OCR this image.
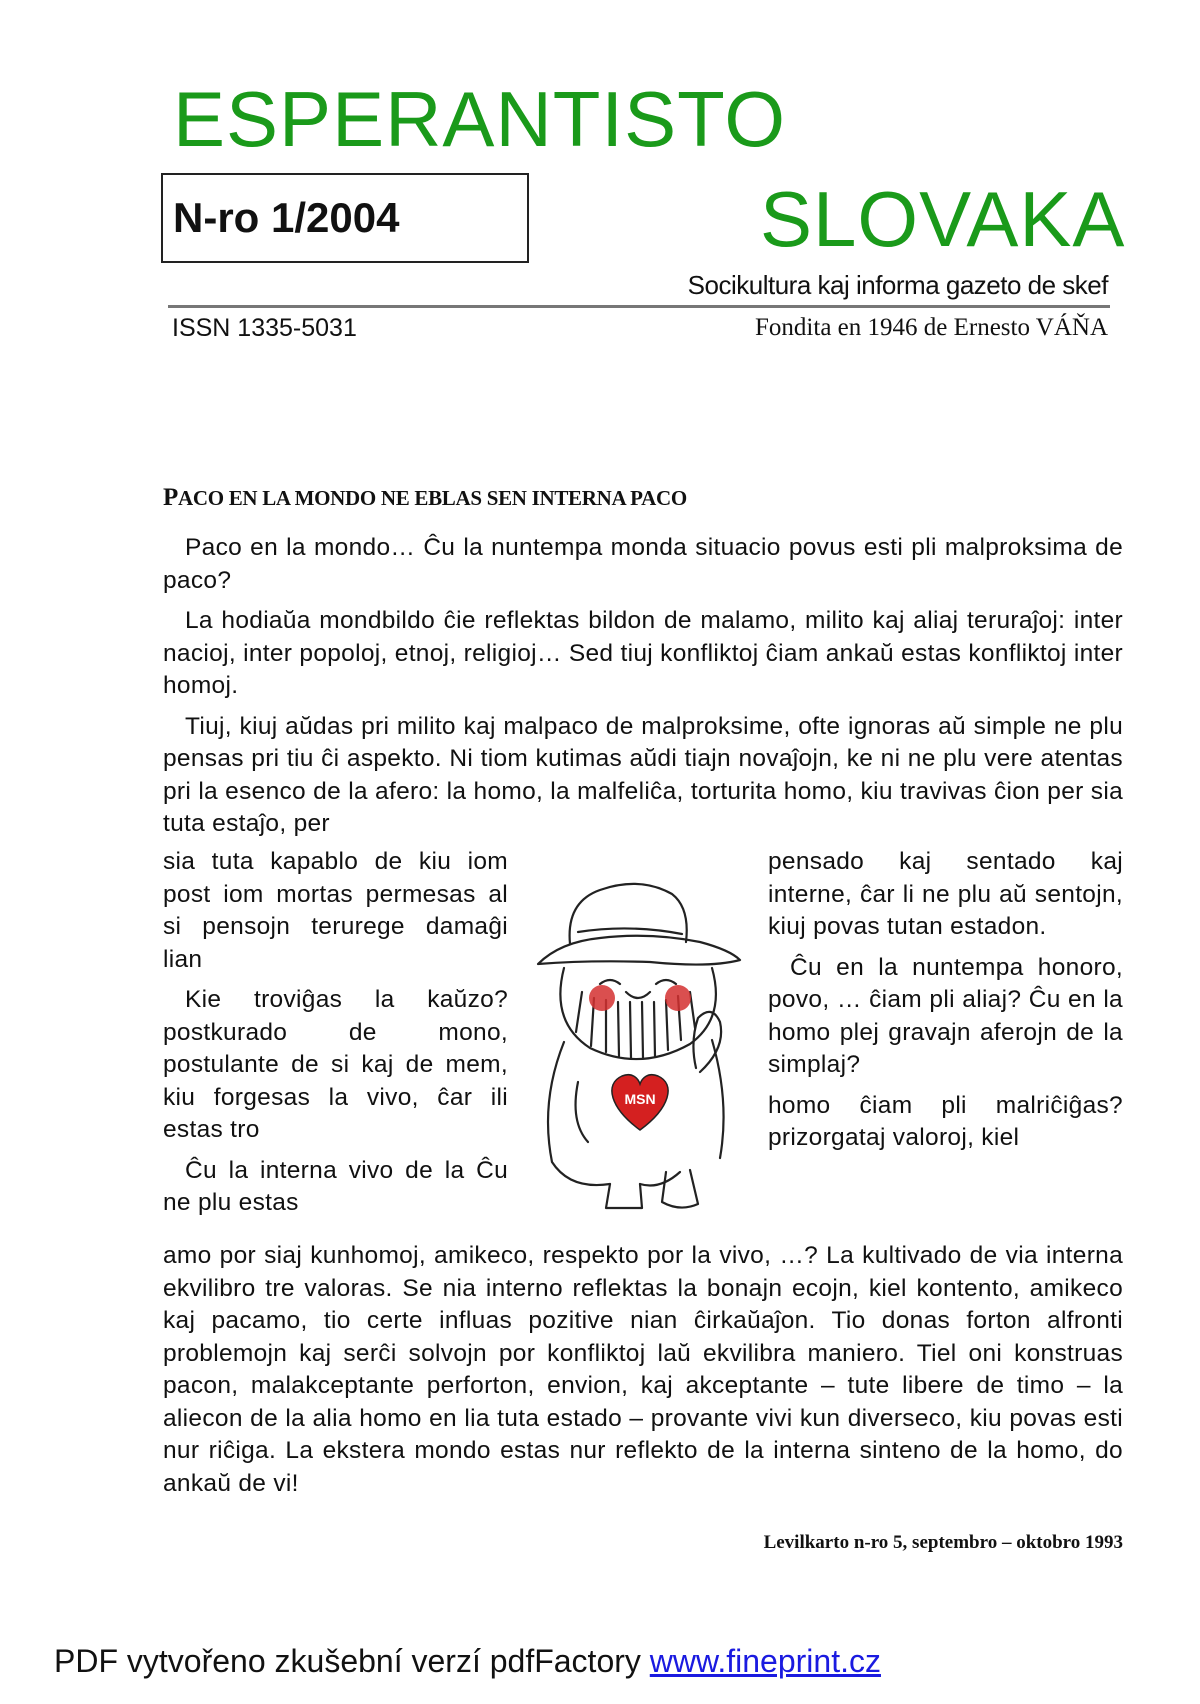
ESPERANTISTO
N-ro 1/2004	SLOVAKA
Socikultura kaj informa gazeto de skef
ISSN 1335-5031	Fondita en 1946 de Ernesto VÁŇA
PACO EN LA MONDO NE EBLAS SEN INTERNA PACO

Paco en la mondo… Ĉu la nuntempa monda situacio povus esti pli malproksima de paco?

La hodiaŭa mondbildo ĉie reflektas bildon de malamo, milito kaj aliaj teruraĵoj: inter nacioj, inter popoloj, etnoj, religioj… Sed tiuj konfliktoj ĉiam ankaŭ estas konfliktoj inter homoj.

Tiuj, kiuj aŭdas pri milito kaj malpaco de malproksime, ofte ignoras aŭ simple ne plu pensas pri tiu ĉi aspekto. Ni tiom kutimas aŭdi tiajn novaĵojn, ke ni ne plu vere atentas pri la esenco de la afero: la homo, la malfeliĉa, torturita homo, kiu travivas ĉion per sia tuta estaĵo, per

sia tuta kapablo de kiu iom post iom mortas permesas al si pensojn terurege damaĝi lian

Kie troviĝas la kaŭzo? postkurado de mono, postulante de si kaj de mem, kiu forgesas la vivo, ĉar ili estas tro

Ĉu la interna vivo de la Ĉu ne plu estas

MSN

pensado kaj sentado kaj interne, ĉar li ne plu aŭ sentojn, kiuj povas tutan estadon.

Ĉu en la nuntempa honoro, povo, … ĉiam pli aliaj? Ĉu en la homo plej gravajn aferojn de la simplaj?

homo ĉiam pli malriĉiĝas? prizorgataj valoroj, kiel

amo por siaj kunhomoj, amikeco, respekto por la vivo, …? La kultivado de via interna ekvilibro tre valoras. Se nia interno reflektas la bonajn ecojn, kiel kontento, amikeco kaj pacamo, tio certe influas pozitive nian ĉirkaŭaĵon. Tio donas forton alfronti problemojn kaj serĉi solvojn por konfliktoj laŭ ekvilibra maniero. Tiel oni konstruas pacon, malakceptante perforton, envion, kaj akceptante – tute libere de timo – la aliecon de la alia homo en lia tuta estado – provante vivi kun diverseco, kiu povas esti nur riĉiga. La ekstera mondo estas nur reflekto de la interna sinteno de la homo, do ankaŭ de vi!

Levilkarto n-ro 5, septembro – oktobro 1993
PDF vytvořeno zkušební verzí pdfFactory www.fineprint.cz
